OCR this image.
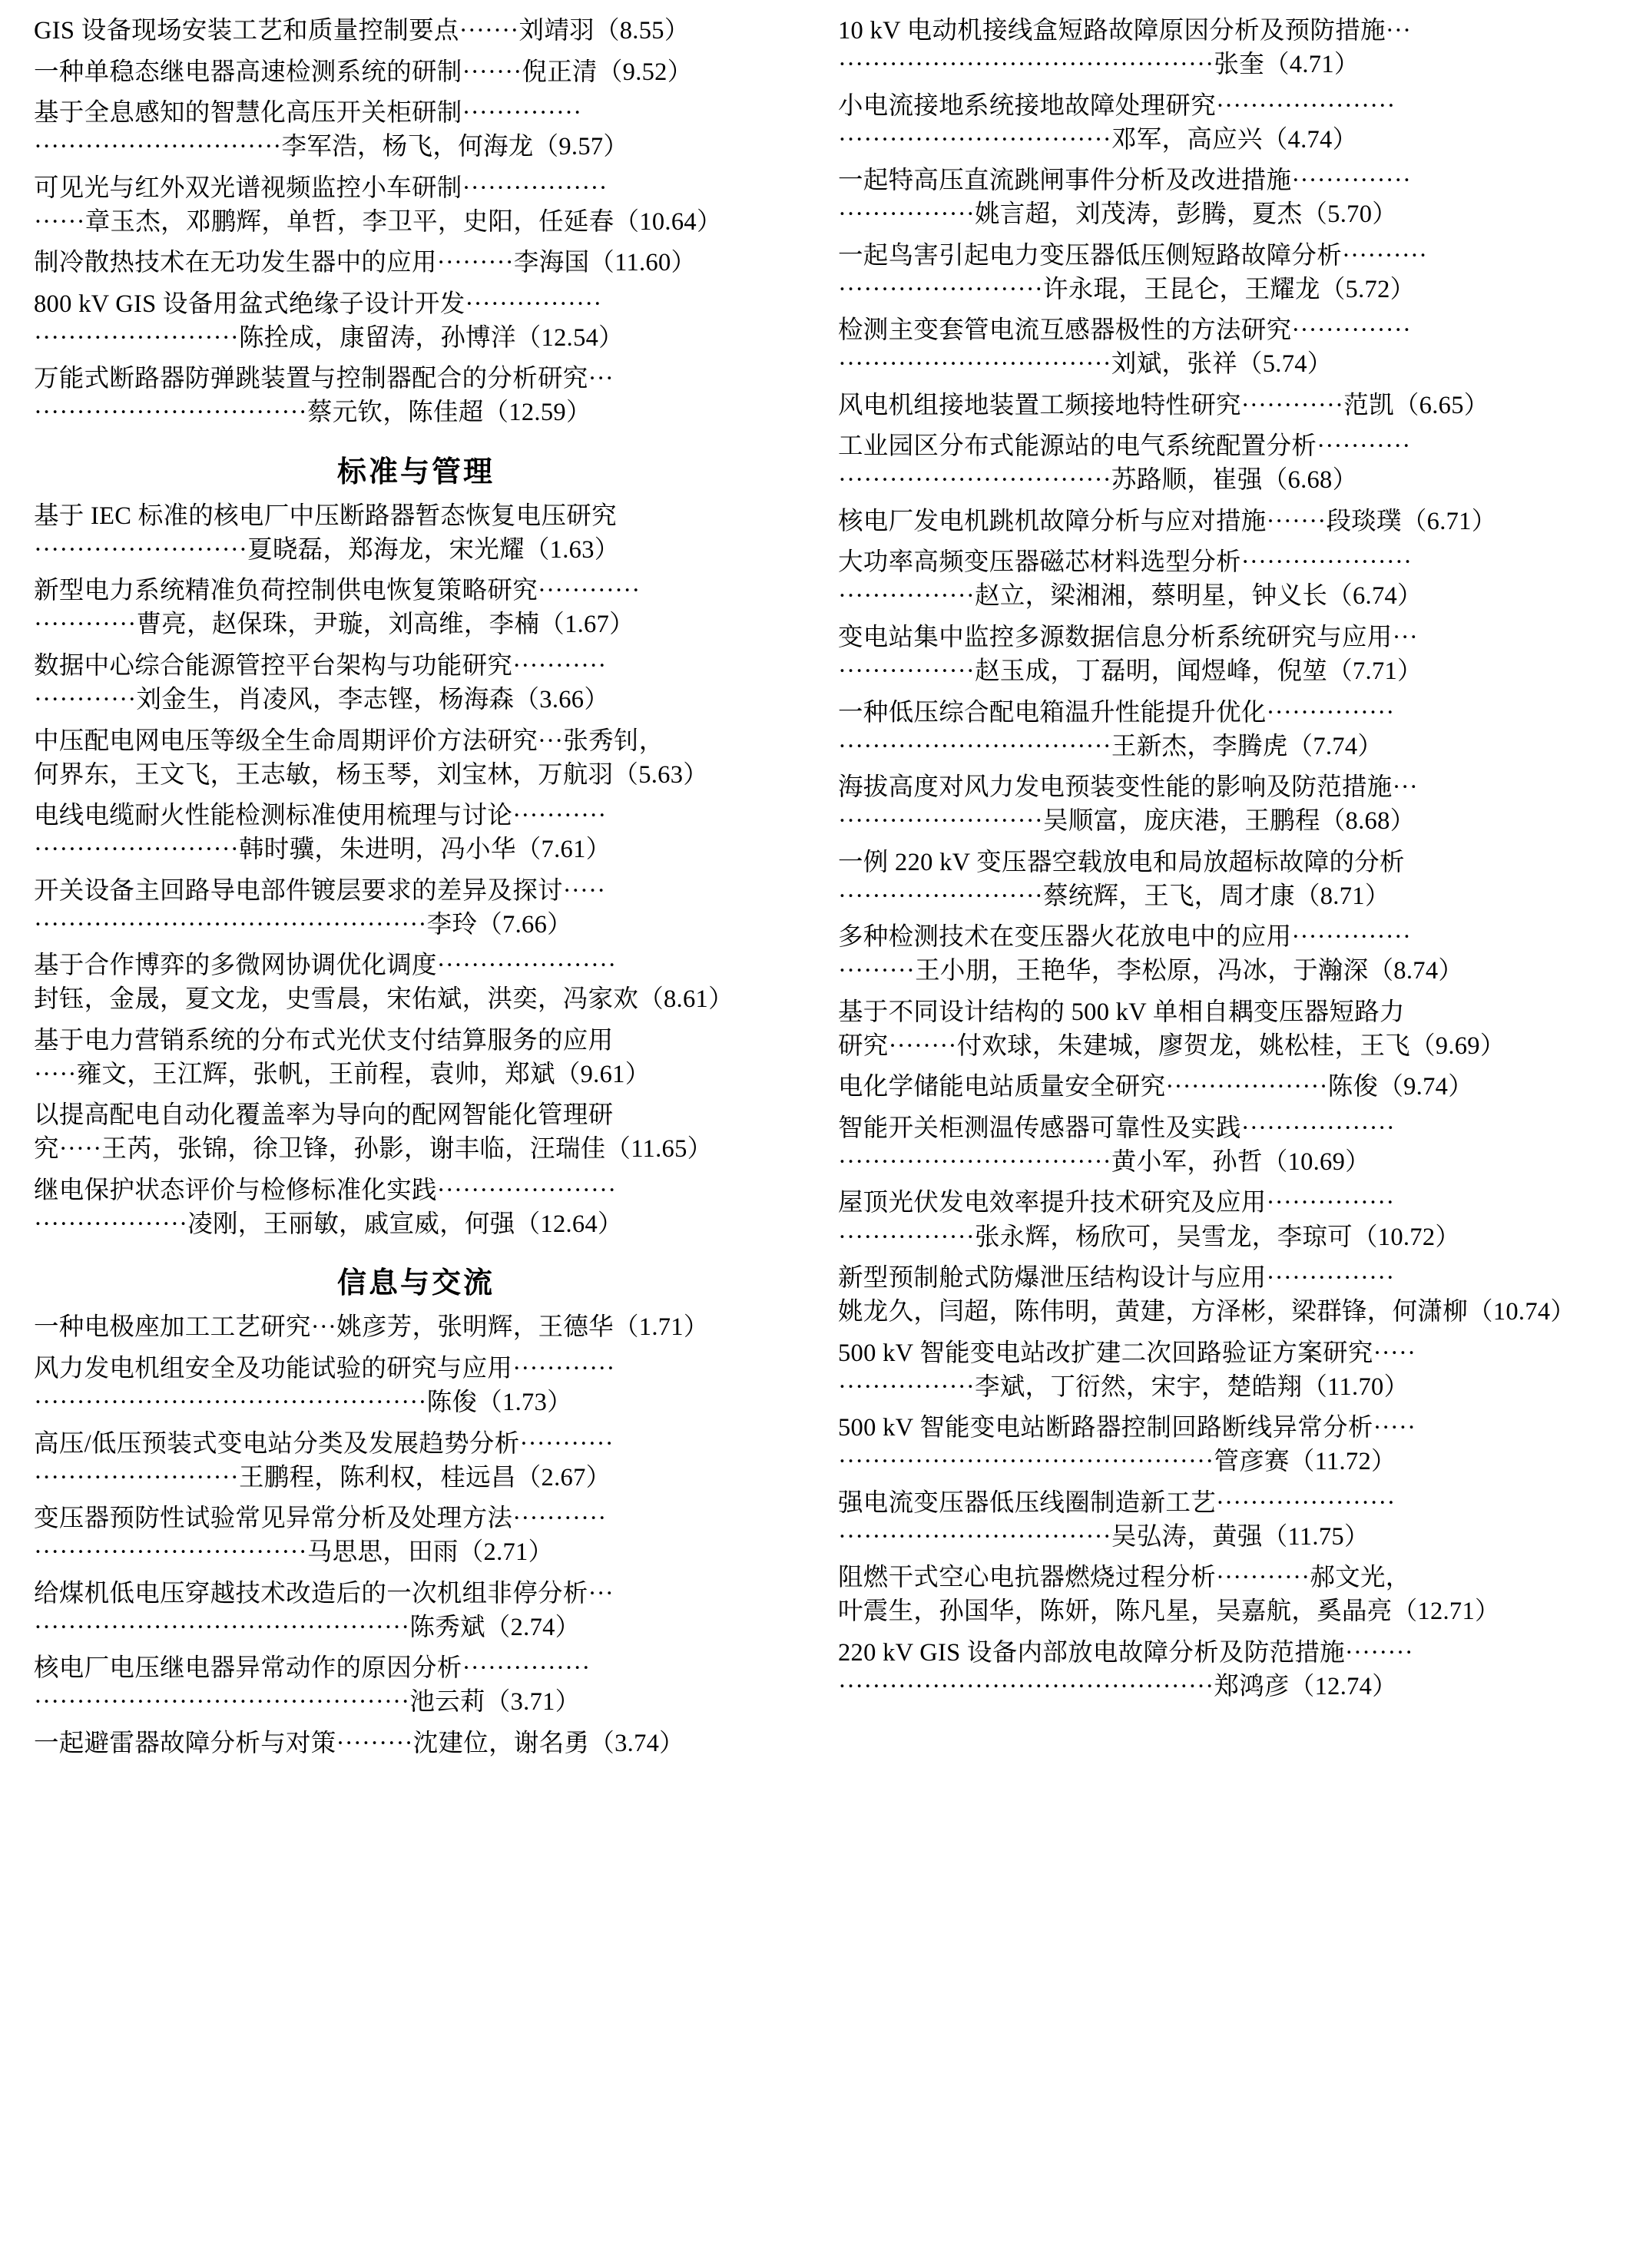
GIS 设备现场安装工艺和质量控制要点·······刘靖羽（8.55）
一种单稳态继电器高速检测系统的研制·······倪正清（9.52）
基于全息感知的智慧化高压开关柜研制··············
·····························李军浩，杨飞，何海龙（9.57）
可见光与红外双光谱视频监控小车研制·················
······章玉杰，邓鹏辉，单哲，李卫平，史阳，任延春（10.64）
制冷散热技术在无功发生器中的应用·········李海国（11.60）
800 kV GIS 设备用盆式绝缘子设计开发················
························陈拴成，康留涛，孙博洋（12.54）
万能式断路器防弹跳装置与控制器配合的分析研究···
································蔡元钦，陈佳超（12.59）
标准与管理
基于 IEC 标准的核电厂中压断路器暂态恢复电压研究
·························夏晓磊，郑海龙，宋光耀（1.63）
新型电力系统精准负荷控制供电恢复策略研究············
············曹亮，赵保珠，尹璇，刘高维，李楠（1.67）
数据中心综合能源管控平台架构与功能研究···········
············刘金生，肖凌风，李志铿，杨海森（3.66）
中压配电网电压等级全生命周期评价方法研究···张秀钊，
何界东，王文飞，王志敏，杨玉琴，刘宝林，万航羽（5.63）
电线电缆耐火性能检测标准使用梳理与讨论···········
························韩时骥，朱进明，冯小华（7.61）
开关设备主回路导电部件镀层要求的差异及探讨·····
··············································李玲（7.66）
基于合作博弈的多微网协调优化调度·····················
封钰，金晟，夏文龙，史雪晨，宋佑斌，洪奕，冯家欢（8.61）
基于电力营销系统的分布式光伏支付结算服务的应用
·····雍文，王江辉，张帆，王前程，袁帅，郑斌（9.61）
以提高配电自动化覆盖率为导向的配网智能化管理研
究·····王芮，张锦，徐卫锋，孙影，谢丰临，汪瑞佳（11.65）
继电保护状态评价与检修标准化实践·····················
··················凌刚，王丽敏，戚宣威，何强（12.64）
信息与交流
一种电极座加工工艺研究···姚彦芳，张明辉，王德华（1.71）
风力发电机组安全及功能试验的研究与应用············
··············································陈俊（1.73）
高压/低压预装式变电站分类及发展趋势分析···········
························王鹏程，陈利权，桂远昌（2.67）
变压器预防性试验常见异常分析及处理方法···········
································马思思，田雨（2.71）
给煤机低电压穿越技术改造后的一次机组非停分析···
············································陈秀斌（2.74）
核电厂电压继电器异常动作的原因分析···············
············································池云莉（3.71）
一起避雷器故障分析与对策·········沈建位，谢名勇（3.74）
10 kV 电动机接线盒短路故障原因分析及预防措施···
············································张奎（4.71）
小电流接地系统接地故障处理研究·····················
································邓军，高应兴（4.74）
一起特高压直流跳闸事件分析及改进措施··············
················姚言超，刘茂涛，彭腾，夏杰（5.70）
一起鸟害引起电力变压器低压侧短路故障分析··········
························许永琨，王昆仑，王耀龙（5.72）
检测主变套管电流互感器极性的方法研究··············
································刘斌，张祥（5.74）
风电机组接地装置工频接地特性研究············范凯（6.65）
工业园区分布式能源站的电气系统配置分析···········
································苏路顺，崔强（6.68）
核电厂发电机跳机故障分析与应对措施·······段琰璞（6.71）
大功率高频变压器磁芯材料选型分析····················
················赵立，梁湘湘，蔡明星，钟义长（6.74）
变电站集中监控多源数据信息分析系统研究与应用···
················赵玉成，丁磊明，闻煜峰，倪堃（7.71）
一种低压综合配电箱温升性能提升优化···············
································王新杰，李腾虎（7.74）
海拔高度对风力发电预装变性能的影响及防范措施···
························吴顺富，庞庆港，王鹏程（8.68）
一例 220 kV 变压器空载放电和局放超标故障的分析
························蔡统辉，王飞，周才康（8.71）
多种检测技术在变压器火花放电中的应用··············
·········王小朋，王艳华，李松原，冯冰，于瀚深（8.74）
基于不同设计结构的 500 kV 单相自耦变压器短路力
研究········付欢球，朱建城，廖贺龙，姚松桂，王飞（9.69）
电化学储能电站质量安全研究···················陈俊（9.74）
智能开关柜测温传感器可靠性及实践··················
································黄小军，孙哲（10.69）
屋顶光伏发电效率提升技术研究及应用···············
················张永辉，杨欣可，吴雪龙，李琼可（10.72）
新型预制舱式防爆泄压结构设计与应用···············
姚龙久，闫超，陈伟明，黄建，方泽彬，梁群锋，何潇柳（10.74）
500 kV 智能变电站改扩建二次回路验证方案研究·····
················李斌，丁衍然，宋宇，楚皓翔（11.70）
500 kV 智能变电站断路器控制回路断线异常分析·····
············································管彦赛（11.72）
强电流变压器低压线圈制造新工艺·····················
································吴弘涛，黄强（11.75）
阻燃干式空心电抗器燃烧过程分析···········郝文光，
叶震生，孙国华，陈妍，陈凡星，吴嘉航，奚晶亮（12.71）
220 kV GIS 设备内部放电故障分析及防范措施········
············································郑鸿彦（12.74）
